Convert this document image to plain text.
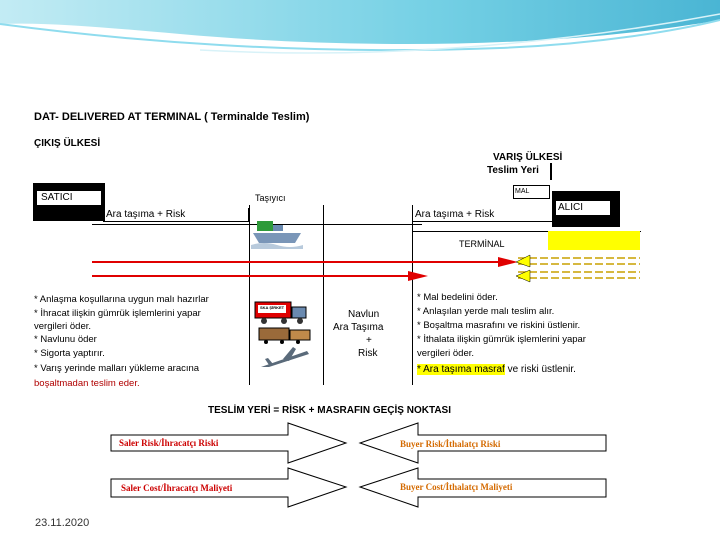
DAT- DELIVERED AT TERMINAL ( Terminalde Teslim)
ÇIKIŞ ÜLKESİ
VARIŞ ÜLKESİ
Teslim Yeri
SATICI
ALICI
MAL
Taşıyıcı
Ara taşıma + Risk	Ara taşıma + Risk
TERMİNAL
* Anlaşma koşullarına uygun malı hazırlar
* İhracat ilişkin gümrük işlemlerini yapar
vergileri öder.
* Navlunu öder
* Sigorta yaptırır.
* Varış yerinde malları yükleme aracına
boşaltmadan teslim eder.
SKA ŞİRKET
Navlun
Ara Taşıma
+
Risk
* Mal bedelini öder.
* Anlaşılan yerde malı teslim alır.
* Boşaltma masrafını ve riskini üstlenir.
* İthalata ilişkin gümrük işlemlerini yapar
vergileri öder.
* Ara taşıma masraf ve riski üstlenir.
TESLİM YERİ = RİSK + MASRAFIN GEÇİŞ NOKTASI
Saler Risk/İhracatçı Riski	Buyer Risk/İthalatçı Riski
Saler Cost/İhracatçı Maliyeti	Buyer Cost/İthalatçı Maliyeti
23.11.2020
